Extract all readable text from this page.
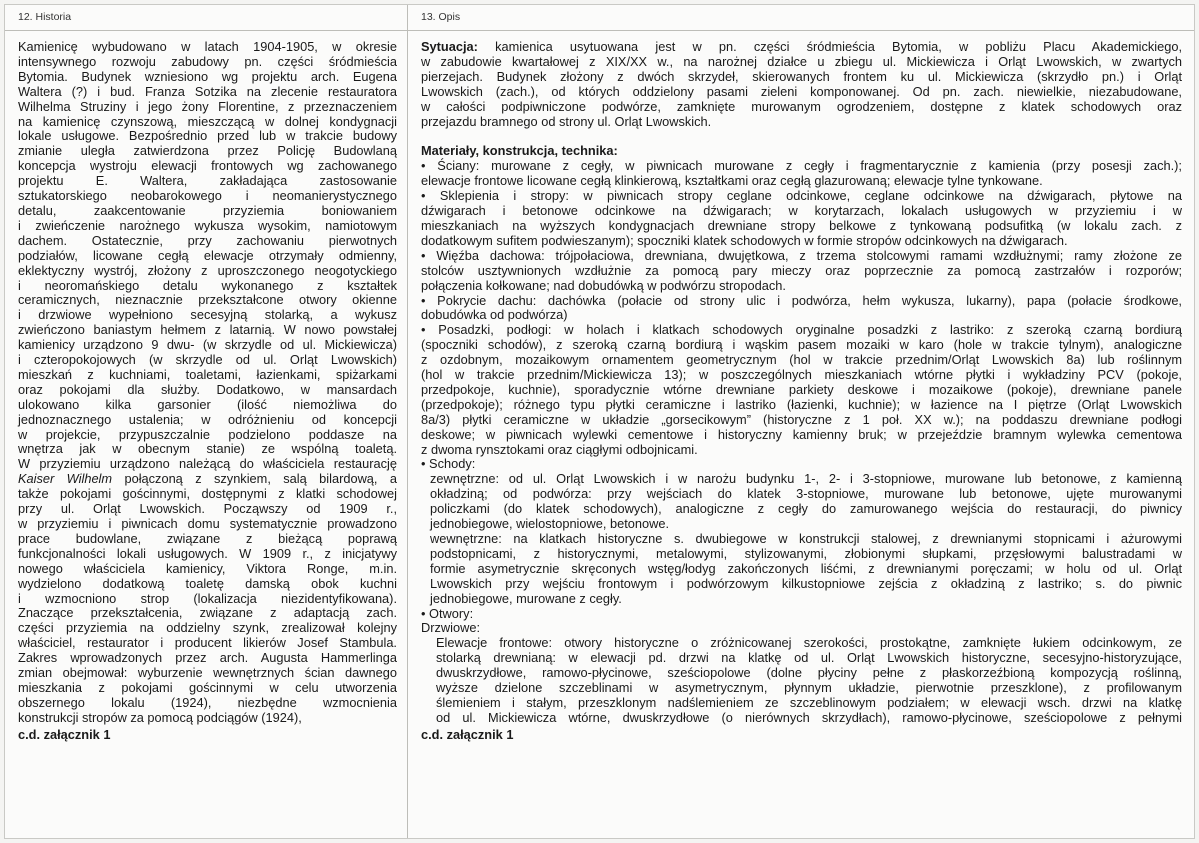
12. Historia
Kamienicę wybudowano w latach 1904-1905, w okresie
intensywnego rozwoju zabudowy pn. części śródmieścia
Bytomia. Budynek wzniesiono wg projektu arch. Eugena
Waltera (?) i bud. Franza Sotzika na zlecenie restauratora
Wilhelma Struziny i jego żony Florentine, z przeznaczeniem
na kamienicę czynszową, mieszczącą w dolnej kondygnacji
lokale usługowe. Bezpośrednio przed lub w trakcie budowy
zmianie uległa zatwierdzona przez Policję Budowlaną
koncepcja wystroju elewacji frontowych wg zachowanego
projektu E. Waltera, zakładająca zastosowanie
sztukatorskiego neobarokowego i neomanierystycznego
detalu, zaakcentowanie przyziemia boniowaniem
i zwieńczenie narożnego wykusza wysokim, namiotowym
dachem. Ostatecznie, przy zachowaniu pierwotnych
podziałów, licowane cegłą elewacje otrzymały odmienny,
eklektyczny wystrój, złożony z uproszczonego neogotyckiego
i neoromańskiego detalu wykonanego z kształtek
ceramicznych, nieznacznie przekształcone otwory okienne
i drzwiowe wypełniono secesyjną stolarką, a wykusz
zwieńczono baniastym hełmem z latarnią. W nowo powstałej
kamienicy urządzono 9 dwu- (w skrzydle od ul. Mickiewicza)
i czteropokojowych (w skrzydle od ul. Orląt Lwowskich)
mieszkań z kuchniami, toaletami, łazienkami, spiżarkami
oraz pokojami dla służby. Dodatkowo, w mansardach
ulokowano kilka garsonier (ilość niemożliwa do
jednoznacznego ustalenia; w odróżnieniu od koncepcji
w projekcie, przypuszczalnie podzielono poddasze na
wnętrza jak w obecnym stanie) ze wspólną toaletą.
W przyziemiu urządzono należącą do właściciela restaurację
Kaiser Wilhelm połączoną z szynkiem, salą bilardową, a
także pokojami gościnnymi, dostępnymi z klatki schodowej
przy ul. Orląt Lwowskich. Począwszy od 1909 r.,
w przyziemiu i piwnicach domu systematycznie prowadzono
prace budowlane, związane z bieżącą poprawą
funkcjonalności lokali usługowych. W 1909 r., z inicjatywy
nowego właściciela kamienicy, Viktora Ronge, m.in.
wydzielono dodatkową toaletę damską obok kuchni
i wzmocniono strop (lokalizacja niezidentyfikowana).
Znaczące przekształcenia, związane z adaptacją zach.
części przyziemia na oddzielny szynk, zrealizował kolejny
właściciel, restaurator i producent likierów Josef Stambula.
Zakres wprowadzonych przez arch. Augusta Hammerlinga
zmian obejmował: wyburzenie wewnętrznych ścian dawnego
mieszkania z pokojami gościnnymi w celu utworzenia
obszernego lokalu (1924), niezbędne wzmocnienia
konstrukcji stropów za pomocą podciągów (1924),
c.d. załącznik 1
13. Opis
Sytuacja: kamienica usytuowana jest w pn. części śródmieścia Bytomia, w pobliżu Placu Akademickiego,
w zabudowie kwartałowej z XIX/XX w., na narożnej działce u zbiegu ul. Mickiewicza i Orląt Lwowskich, w zwartych
pierzejach. Budynek złożony z dwóch skrzydeł, skierowanych frontem ku ul. Mickiewicza (skrzydło pn.) i Orląt
Lwowskich (zach.), od których oddzielony pasami zieleni komponowanej. Od pn. zach. niewielkie, niezabudowane,
w całości podpiwniczone podwórze, zamknięte murowanym ogrodzeniem, dostępne z klatek schodowych oraz
przejazdu bramnego od strony ul. Orląt Lwowskich.
Materiały, konstrukcja, technika:
• Ściany: murowane z cegły, w piwnicach murowane z cegły i fragmentarycznie z kamienia (przy posesji zach.);
elewacje frontowe licowane cegłą klinkierową, kształtkami oraz cegłą glazurowaną; elewacje tylne tynkowane.
• Sklepienia i stropy: w piwnicach stropy ceglane odcinkowe, ceglane odcinkowe na dźwigarach, płytowe na
dźwigarach i betonowe odcinkowe na dźwigarach; w korytarzach, lokalach usługowych w przyziemiu i w
mieszkaniach na wyższych kondygnacjach drewniane stropy belkowe z tynkowaną podsufitką (w lokalu zach. z
dodatkowym sufitem podwieszanym); spoczniki klatek schodowych w formie stropów odcinkowych na dźwigarach.
• Więźba dachowa: trójpołaciowa, drewniana, dwujętkowa, z trzema stolcowymi ramami wzdłużnymi; ramy złożone ze
stolców usztywnionych wzdłużnie za pomocą pary mieczy oraz poprzecznie za pomocą zastrzałów i rozporów;
połączenia kołkowane; nad dobudówką w podwórzu stropodach.
• Pokrycie dachu: dachówka (połacie od strony ulic i podwórza, hełm wykusza, lukarny), papa (połacie środkowe,
dobudówka od podwórza)
• Posadzki, podłogi: w holach i klatkach schodowych oryginalne posadzki z lastriko: z szeroką czarną bordiurą
(spoczniki schodów), z szeroką czarną bordiurą i wąskim pasem mozaiki w karo (hole w trakcie tylnym), analogiczne
z ozdobnym, mozaikowym ornamentem geometrycznym (hol w trakcie przednim/Orląt Lwowskich 8a) lub roślinnym
(hol w trakcie przednim/Mickiewicza 13); w poszczególnych mieszkaniach wtórne płytki i wykładziny PCV (pokoje,
przedpokoje, kuchnie), sporadycznie wtórne drewniane parkiety deskowe i mozaikowe (pokoje), drewniane panele
(przedpokoje); różnego typu płytki ceramiczne i lastriko (łazienki, kuchnie); w łazience na I piętrze (Orląt Lwowskich
8a/3) płytki ceramiczne w układzie „gorsecikowym” (historyczne z 1 poł. XX w.); na poddaszu drewniane podłogi
deskowe; w piwnicach wylewki cementowe i historyczny kamienny bruk; w przejeździe bramnym wylewka cementowa
z dwoma rynsztokami oraz ciągłymi odbojnicami.
• Schody:
zewnętrzne: od ul. Orląt Lwowskich i w narożu budynku 1-, 2- i 3-stopniowe, murowane lub betonowe, z kamienną
okładziną; od podwórza: przy wejściach do klatek 3-stopniowe, murowane lub betonowe, ujęte murowanymi
policzkami (do klatek schodowych), analogiczne z cegły do zamurowanego wejścia do restauracji, do piwnicy
jednobiegowe, wielostopniowe, betonowe.
wewnętrzne: na klatkach historyczne s. dwubiegowe w konstrukcji stalowej, z drewnianymi stopnicami i ażurowymi
podstopnicami, z historycznymi, metalowymi, stylizowanymi, złobionymi słupkami, przęsłowymi balustradami w
formie asymetrycznie skręconych wstęg/łodyg zakończonych liśćmi, z drewnianymi poręczami; w holu od ul. Orląt
Lwowskich przy wejściu frontowym i podwórzowym kilkustopniowe zejścia z okładziną z lastriko; s. do piwnic
jednobiegowe, murowane z cegły.
• Otwory:
Drzwiowe:
Elewacje frontowe: otwory historyczne o zróżnicowanej szerokości, prostokątne, zamknięte łukiem odcinkowym, ze
stolarką drewnianą: w elewacji pd. drzwi na klatkę od ul. Orląt Lwowskich historyczne, secesyjno-historyzujące,
dwuskrzydłowe, ramowo-płycinowe, sześciopolowe (dolne płyciny pełne z płaskorzeźbioną kompozycją roślinną,
wyższe dzielone szczeblinami w asymetrycznym, płynnym układzie, pierwotnie przeszklone), z profilowanym
ślemieniem i stałym, przeszklonym nadślemieniem ze szczeblinowym podziałem; w elewacji wsch. drzwi na klatkę
od ul. Mickiewicza wtórne, dwuskrzydłowe (o nierównych skrzydłach), ramowo-płycinowe, sześciopolowe z pełnymi
c.d. załącznik 1
